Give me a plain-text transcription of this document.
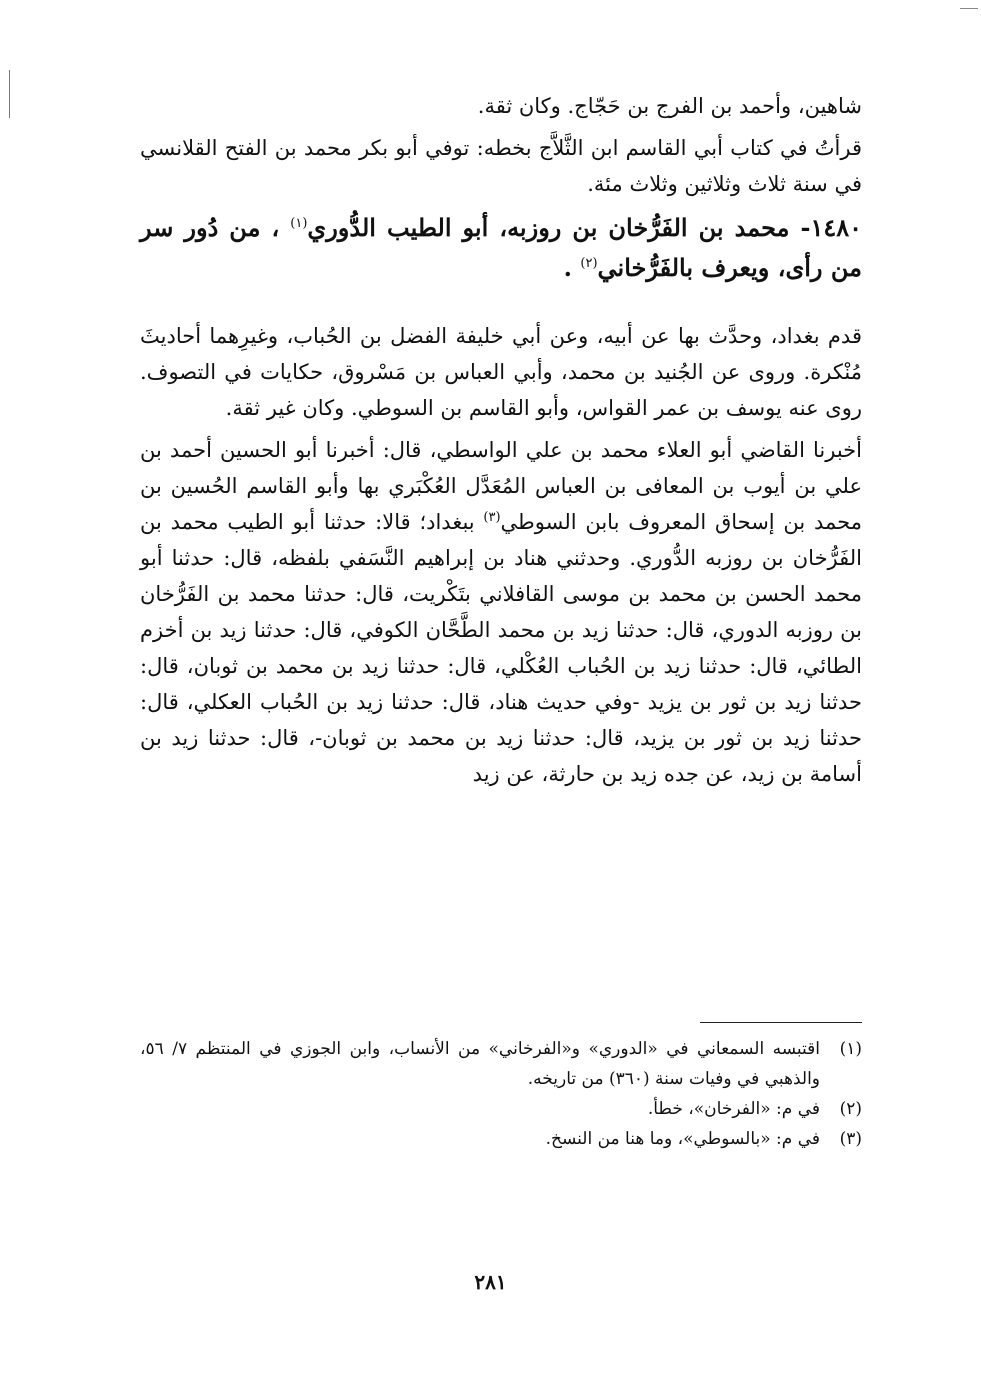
شاهين، وأحمد بن الفرج بن حَجّاج. وكان ثقة.

قرأتُ في كتاب أبي القاسم ابن الثَّلاَّج بخطه: توفي أبو بكر محمد بن الفتح القلانسي في سنة ثلاث وثلاثين وثلاث مئة.

١٤٨٠- محمد بن الفَرُّخان بن روزبه، أبو الطيب الدُّوري$^{(١)}$ ، من دُور سر من رأى، ويعرف بالفَرُّخاني$^{(٢)}$ .

قدم بغداد، وحدَّث بها عن أبيه، وعن أبي خليفة الفضل بن الحُباب، وغيرِهما أحاديثَ مُنْكرة. وروى عن الجُنيد بن محمد، وأبي العباس بن مَسْروق، حكايات في التصوف. روى عنه يوسف بن عمر القواس، وأبو القاسم بن السوطي. وكان غير ثقة.

أخبرنا القاضي أبو العلاء محمد بن علي الواسطي، قال: أخبرنا أبو الحسين أحمد بن علي بن أيوب بن المعافى بن العباس المُعَدَّل العُكْبَري بها وأبو القاسم الحُسين بن محمد بن إسحاق المعروف بابن السوطي$^{(٣)}$ ببغداد؛ قالا: حدثنا أبو الطيب محمد بن الفَرُّخان بن روزبه الدُّوري. وحدثني هناد بن إبراهيم النَّسَفي بلفظه، قال: حدثنا أبو محمد الحسن بن محمد بن موسى القافلاني بتَكْريت، قال: حدثنا محمد بن الفَرُّخان بن روزبه الدوري، قال: حدثنا زيد بن محمد الطَّحَّان الكوفي، قال: حدثنا زيد بن أخزم الطائي، قال: حدثنا زيد بن الحُباب العُكْلي، قال: حدثنا زيد بن محمد بن ثوبان، قال: حدثنا زيد بن ثور بن يزيد -وفي حديث هناد، قال: حدثنا زيد بن الحُباب العكلي، قال: حدثنا زيد بن ثور بن يزيد، قال: حدثنا زيد بن محمد بن ثوبان-، قال: حدثنا زيد بن أسامة بن زيد، عن جده زيد بن حارثة، عن زيد

(١)
اقتبسه السمعاني في «الدوري» و«الفرخاني» من الأنساب، وابن الجوزي في المنتظم ٧/ ٥٦، والذهبي في وفيات سنة (٣٦٠) من تاريخه.

(٢)
في م: «الفرخان»، خطأ.

(٣)
في م: «بالسوطي»، وما هنا من النسخ.

٢٨١
